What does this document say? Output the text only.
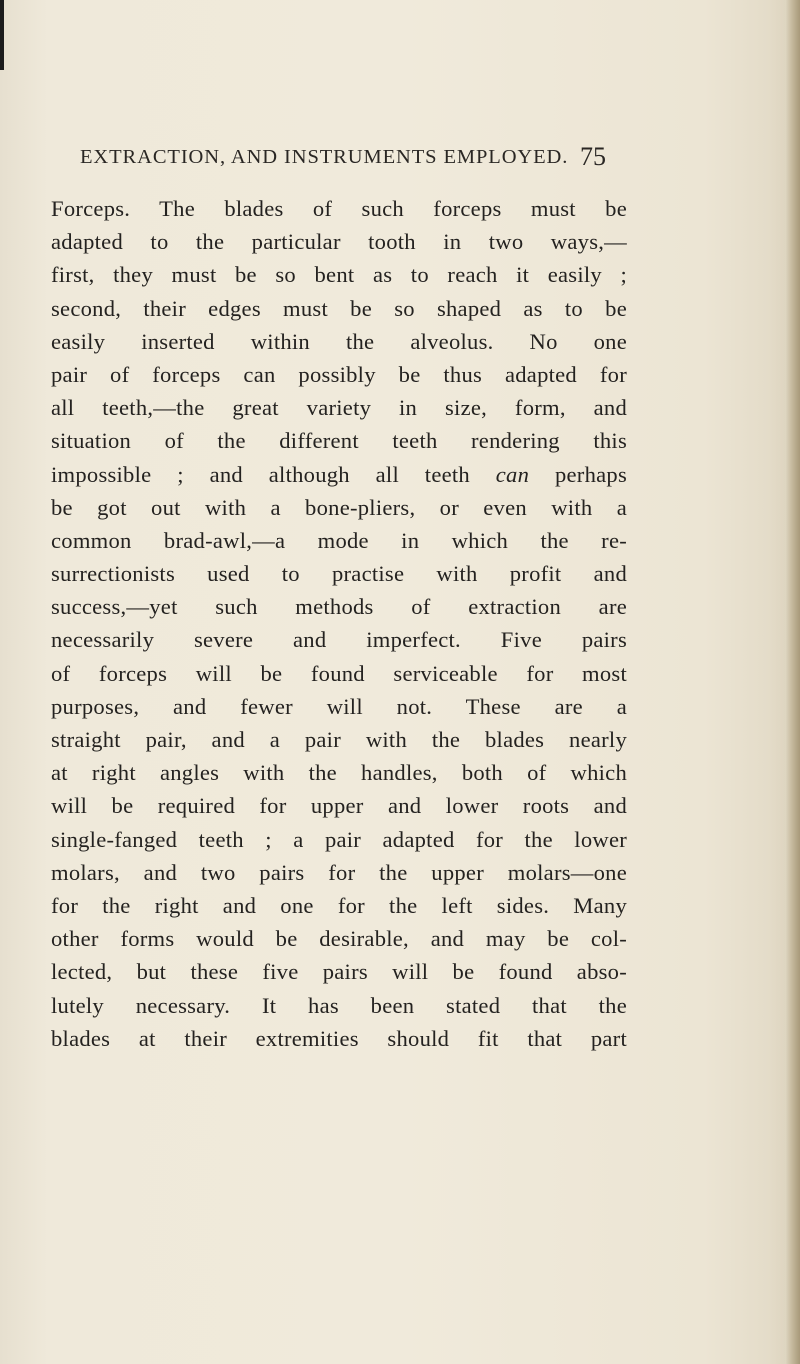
EXTRACTION, AND INSTRUMENTS EMPLOYED. 75
Forceps. The blades of such forceps must be
adapted to the particular tooth in two ways,—
first, they must be so bent as to reach it easily ;
second, their edges must be so shaped as to be
easily inserted within the alveolus. No one
pair of forceps can possibly be thus adapted for
all teeth,—the great variety in size, form, and
situation of the different teeth rendering this
impossible ; and although all teeth can perhaps
be got out with a bone-pliers, or even with a
common brad-awl,—a mode in which the re-
surrectionists used to practise with profit and
success,—yet such methods of extraction are
necessarily severe and imperfect. Five pairs
of forceps will be found serviceable for most
purposes, and fewer will not. These are a
straight pair, and a pair with the blades nearly
at right angles with the handles, both of which
will be required for upper and lower roots and
single-fanged teeth ; a pair adapted for the lower
molars, and two pairs for the upper molars—one
for the right and one for the left sides. Many
other forms would be desirable, and may be col-
lected, but these five pairs will be found abso-
lutely necessary. It has been stated that the
blades at their extremities should fit that part
